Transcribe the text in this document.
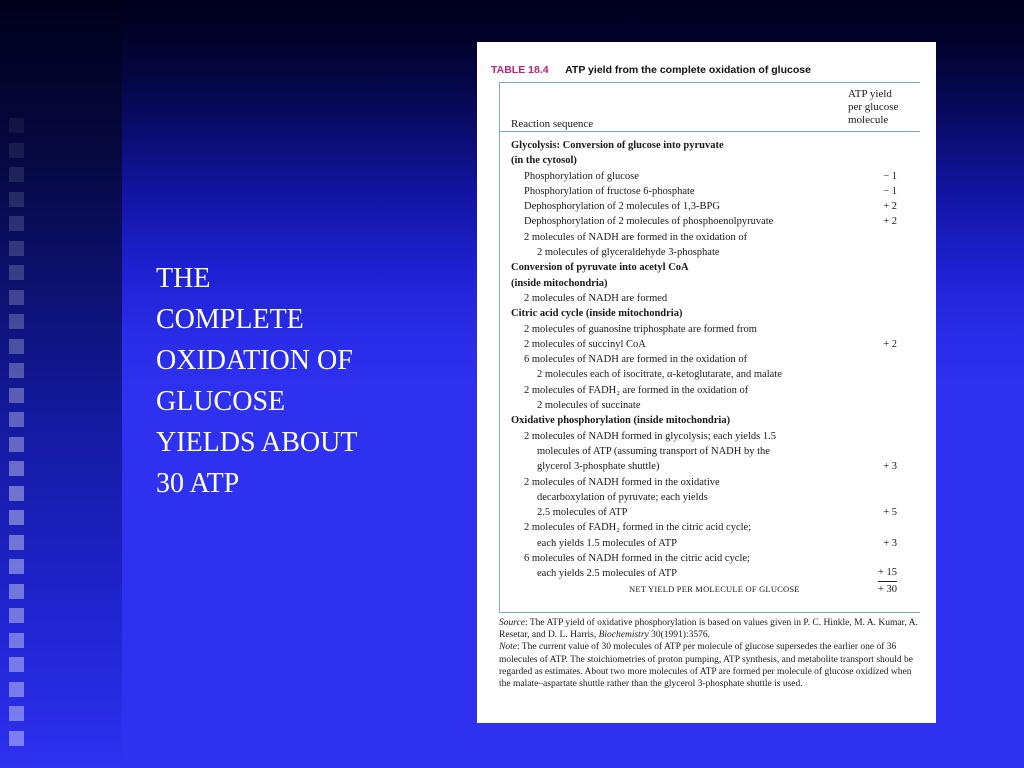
THE
COMPLETE
OXIDATION OF
GLUCOSE
YIELDS ABOUT
30 ATP
TABLE 18.4 ATP yield from the complete oxidation of glucose
Reaction sequence
ATP yield
per glucose
molecule
Glycolysis: Conversion of glucose into pyruvate
(in the cytosol)
Phosphorylation of glucose	− 1
Phosphorylation of fructose 6-phosphate	− 1
Dephosphorylation of 2 molecules of 1,3-BPG	+ 2
Dephosphorylation of 2 molecules of phosphoenolpyruvate	+ 2
2 molecules of NADH are formed in the oxidation of
2 molecules of glyceraldehyde 3-phosphate
Conversion of pyruvate into acetyl CoA
(inside mitochondria)
2 molecules of NADH are formed
Citric acid cycle (inside mitochondria)
2 molecules of guanosine triphosphate are formed from
2 molecules of succinyl CoA	+ 2
6 molecules of NADH are formed in the oxidation of
2 molecules each of isocitrate, α-ketoglutarate, and malate
2 molecules of FADH₂ are formed in the oxidation of
2 molecules of succinate
Oxidative phosphorylation (inside mitochondria)
2 molecules of NADH formed in glycolysis; each yields 1.5
molecules of ATP (assuming transport of NADH by the
glycerol 3-phosphate shuttle)	+ 3
2 molecules of NADH formed in the oxidative
decarboxylation of pyruvate; each yields
2.5 molecules of ATP	+ 5
2 molecules of FADH₂ formed in the citric acid cycle;
each yields 1.5 molecules of ATP	+ 3
6 molecules of NADH formed in the citric acid cycle;
each yields 2.5 molecules of ATP	+ 15
NET YIELD PER MOLECULE OF GLUCOSE	+ 30

Source: The ATP yield of oxidative phosphorylation is based on values given in P. C. Hinkle, M. A. Kumar, A. Resetar, and D. L. Harris, Biochemistry 30(1991):3576.

Note: The current value of 30 molecules of ATP per molecule of glucose supersedes the earlier one of 36 molecules of ATP. The stoichiometries of proton pumping, ATP synthesis, and metabolite transport should be regarded as estimates. About two more molecules of ATP are formed per molecule of glucose oxidized when the malate–aspartate shuttle rather than the glycerol 3-phosphate shuttle is used.
